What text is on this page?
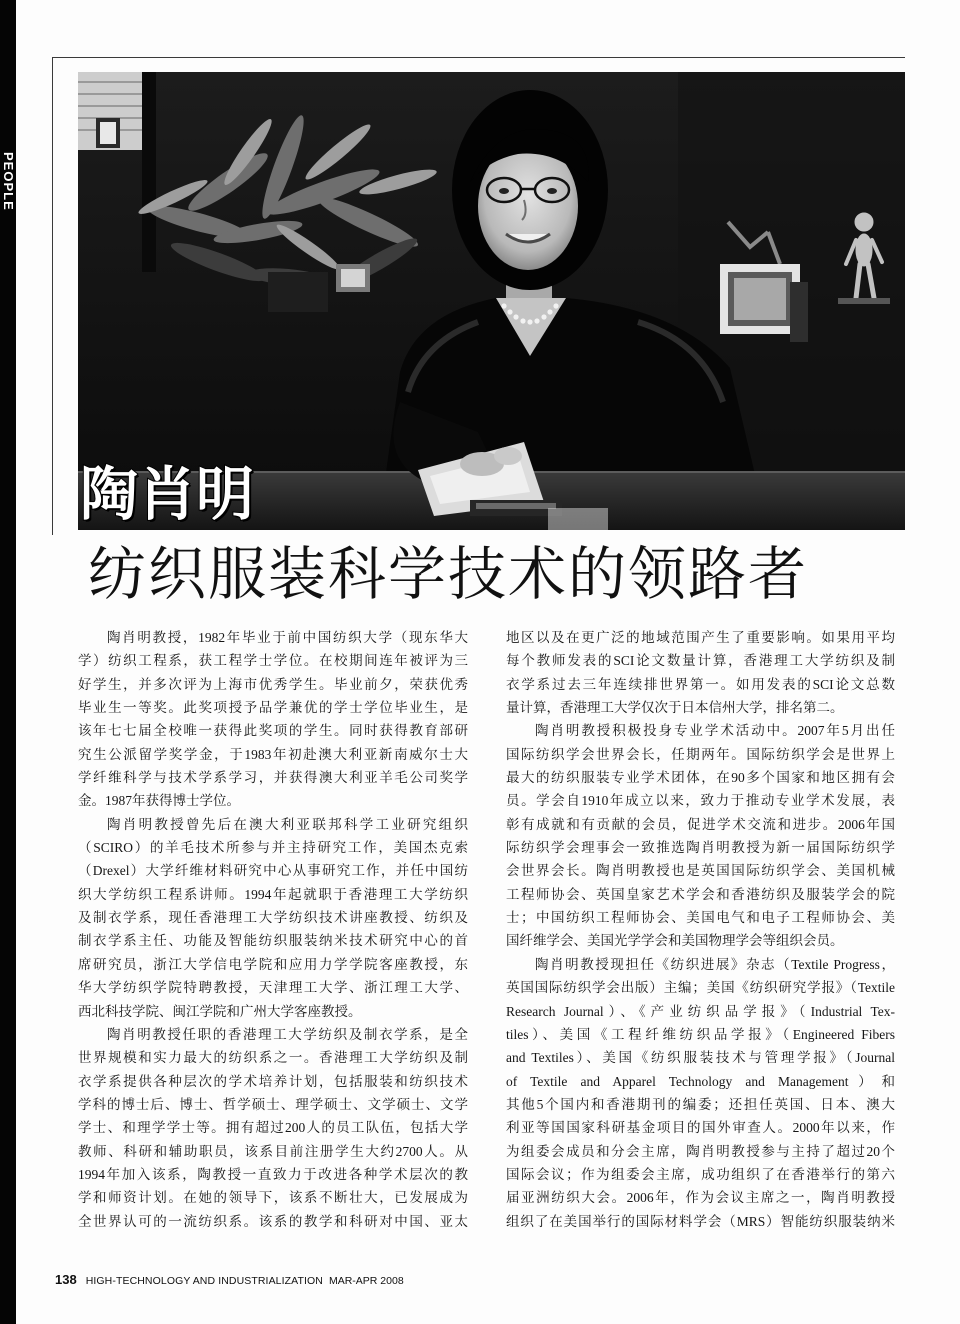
PEOPLE
陶肖明
纺织服装科学技术的领路者
陶肖明教授，1982年毕业于前中国纺织大学（现东华大
学）纺织工程系，获工程学士学位。在校期间连年被评为三
好学生，并多次评为上海市优秀学生。毕业前夕，荣获优秀
毕业生一等奖。此奖项授予品学兼优的学士学位毕业生，是
该年七七届全校唯一获得此奖项的学生。同时获得教育部研
究生公派留学奖学金，于1983年初赴澳大利亚新南威尔士大
学纤维科学与技术学系学习，并获得澳大利亚羊毛公司奖学
金。1987年获得博士学位。
陶肖明教授曾先后在澳大利亚联邦科学工业研究组织
（SCIRO）的羊毛技术所参与并主持研究工作，美国杰克索
（Drexel）大学纤维材料研究中心从事研究工作，并任中国纺
织大学纺织工程系讲师。1994年起就职于香港理工大学纺织
及制衣学系，现任香港理工大学纺织技术讲座教授、纺织及
制衣学系主任、功能及智能纺织服装纳米技术研究中心的首
席研究员，浙江大学信电学院和应用力学学院客座教授，东
华大学纺织学院特聘教授，天津理工大学、浙江理工大学、
西北科技学院、闽江学院和广州大学客座教授。
陶肖明教授任职的香港理工大学纺织及制衣学系，是全
世界规模和实力最大的纺织系之一。香港理工大学纺织及制
衣学系提供各种层次的学术培养计划，包括服装和纺织技术
学科的博士后、博士、哲学硕士、理学硕士、文学硕士、文学
学士、和理学学士等。拥有超过200人的员工队伍，包括大学
教师、科研和辅助职员，该系目前注册学生大约2700人。从
1994年加入该系，陶教授一直致力于改进各种学术层次的教
学和师资计划。在她的领导下，该系不断壮大，已发展成为
全世界认可的一流纺织系。该系的教学和科研对中国、亚太
地区以及在更广泛的地域范围产生了重要影响。如果用平均
每个教师发表的SCI论文数量计算，香港理工大学纺织及制
衣学系过去三年连续排世界第一。如用发表的SCI论文总数
量计算，香港理工大学仅次于日本信州大学，排名第二。
陶肖明教授积极投身专业学术活动中。2007年5月出任
国际纺织学会世界会长，任期两年。国际纺织学会是世界上
最大的纺织服装专业学术团体，在90多个国家和地区拥有会
员。学会自1910年成立以来，致力于推动专业学术发展，表
彰有成就和有贡献的会员，促进学术交流和进步。2006年国
际纺织学会理事会一致推选陶肖明教授为新一届国际纺织学
会世界会长。陶肖明教授也是英国国际纺织学会、美国机械
工程师协会、英国皇家艺术学会和香港纺织及服装学会的院
士；中国纺织工程师协会、美国电气和电子工程师协会、美
国纤维学会、美国光学学会和美国物理学会等组织会员。
陶肖明教授现担任《纺织进展》杂志（Textile Progress，
英国国际纺织学会出版）主编；美国《纺织研究学报》（Textile
Research Journal）、《产业纺织品学报》（Industrial Tex-
tiles）、美国《工程纤维纺织品学报》（Engineered Fibers
and Textiles）、美国《纺织服装技术与管理学报》（Journal
of Textile and Apparel Technology and Management）和
其他5个国内和香港期刊的编委；还担任英国、日本、澳大
利亚等国国家科研基金项目的国外审查人。2000年以来，作
为组委会成员和分会主席，陶肖明教授参与主持了超过20个
国际会议；作为组委会主席，成功组织了在香港举行的第六
届亚洲纺织大会。2006年，作为会议主席之一，陶肖明教授
组织了在美国举行的国际材料学会（MRS）智能纺织服装纳米
138 HIGH-TECHNOLOGY AND INDUSTRIALIZATION MAR-APR 2008
